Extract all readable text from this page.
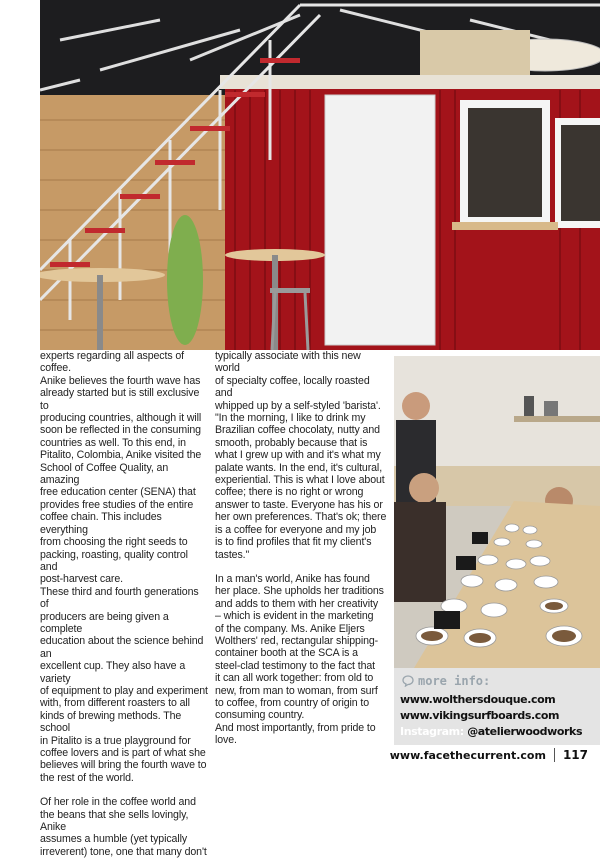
experts regarding all aspects of coffee.
Anike believes the fourth wave has
already started but is still exclusive to
producing countries, although it will
soon be reflected in the consuming
countries as well. To this end, in
Pitalito, Colombia, Anike visited the
School of Coffee Quality, an amazing
free education center (SENA) that
provides free studies of the entire
coffee chain. This includes everything
from choosing the right seeds to
packing, roasting, quality control and
post-harvest care.

These third and fourth generations of
producers are being given a complete
education about the science behind an
excellent cup. They also have a variety
of equipment to play and experiment
with, from different roasters to all
kinds of brewing methods. The school
in Pitalito is a true playground for
coffee lovers and is part of what she
believes will bring the fourth wave to
the rest of the world.

Of her role in the coffee world and
the beans that she sells lovingly, Anike
assumes a humble (yet typically
irreverent) tone, one that many don't

typically associate with this new world
of specialty coffee, locally roasted and
whipped up by a self-styled 'barista'.
"In the morning, I like to drink my
Brazilian coffee chocolaty, nutty and
smooth, probably because that is
what I grew up with and it's what my
palate wants. In the end, it's cultural,
experiential. This is what I love about
coffee; there is no right or wrong
answer to taste. Everyone has his or
her own preferences. That's ok; there
is a coffee for everyone and my job
is to find profiles that fit my client's
tastes."

In a man's world, Anike has found
her place. She upholds her traditions
and adds to them with her creativity
– which is evident in the marketing
of the company. Ms. Anike Eljers
Wolthers' red, rectangular shipping-
container booth at the SCA is a
steel-clad testimony to the fact that
it can all work together: from old to
new, from man to woman, from surf
to coffee, from country of origin to
consuming country.
And most importantly, from pride to
love.

more info:
www.wolthersdouque.com
www.vikingsurfboards.com
Instagram: @atelierwoodworks
www.facethecurrent.com 117
